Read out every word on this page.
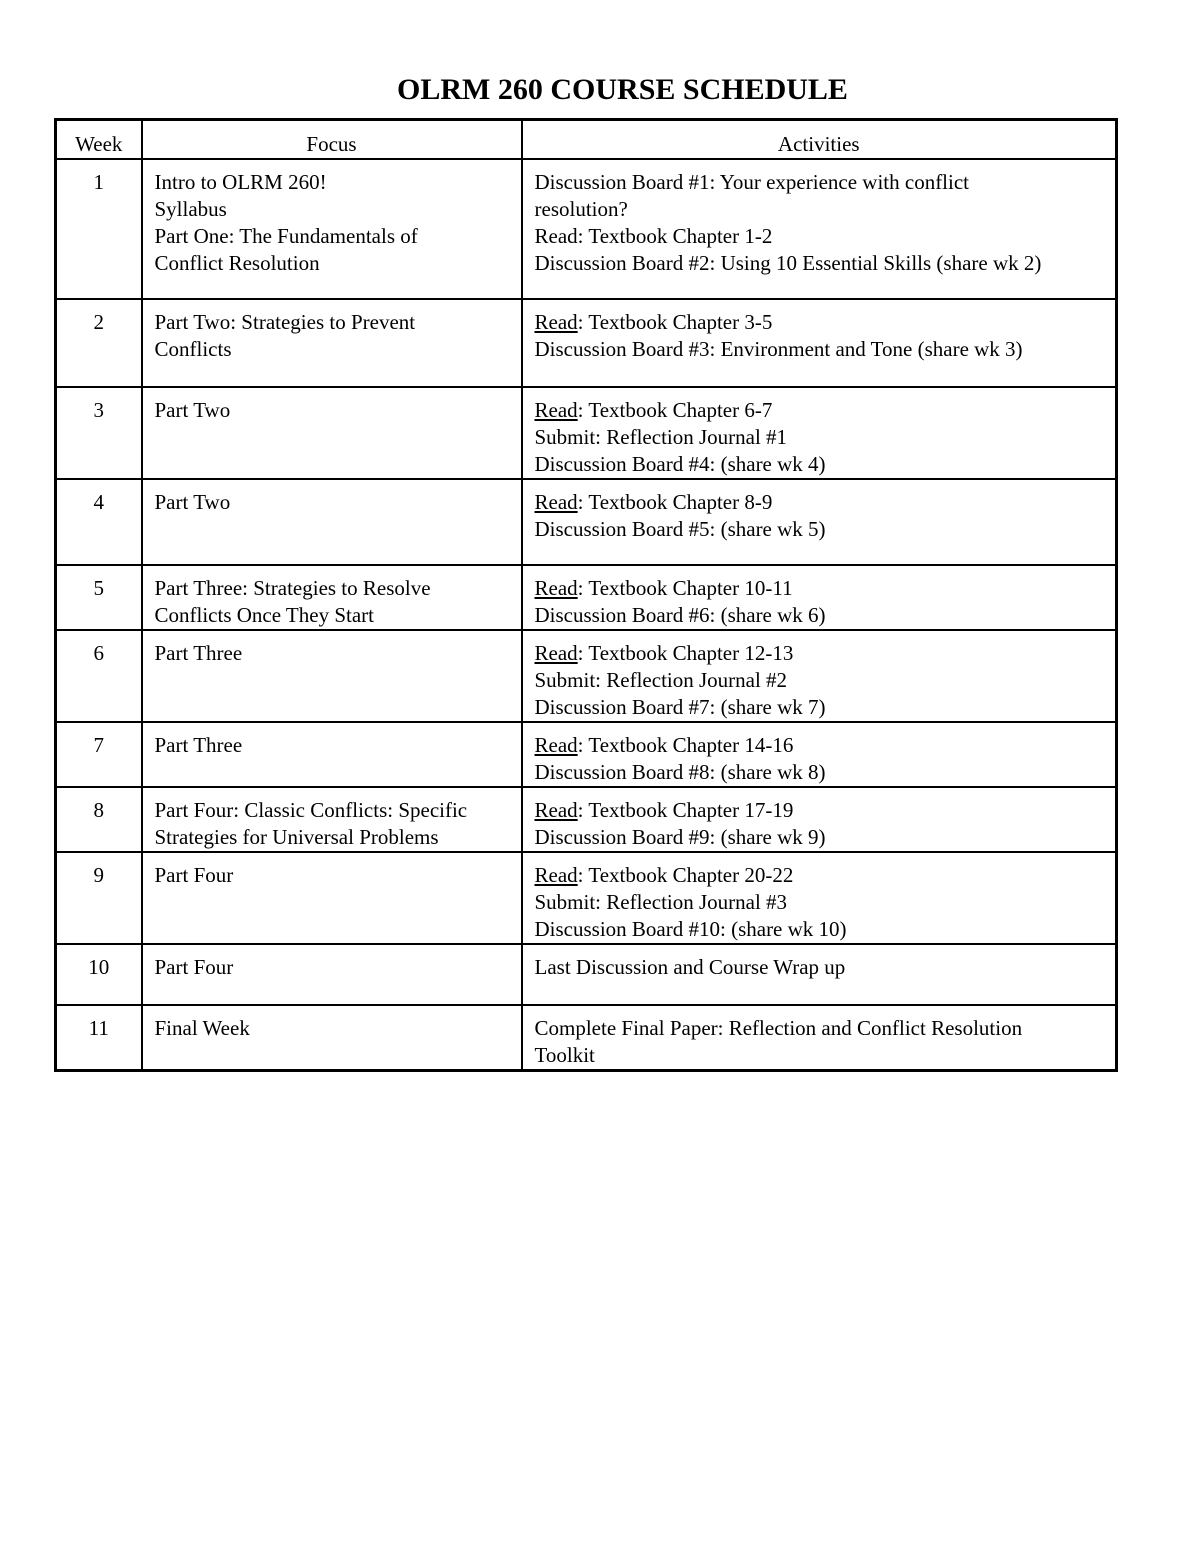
OLRM 260 COURSE SCHEDULE
Week	Focus	Activities
1	Intro to OLRM 260!
Syllabus
Part One: The Fundamentals of
Conflict Resolution	Discussion Board #1: Your experience with conflict
resolution?
Read: Textbook Chapter 1-2
Discussion Board #2: Using 10 Essential Skills (share wk 2)

2	Part Two: Strategies to Prevent
Conflicts	Read: Textbook Chapter 3-5
Discussion Board #3: Environment and Tone (share wk 3)

3	Part Two	Read: Textbook Chapter 6-7
Submit: Reflection Journal #1
Discussion Board #4: (share wk 4)

4	Part Two	Read: Textbook Chapter 8-9
Discussion Board #5: (share wk 5)

5	Part Three: Strategies to Resolve
Conflicts Once They Start	Read: Textbook Chapter 10-11
Discussion Board #6: (share wk 6)

6	Part Three	Read: Textbook Chapter 12-13
Submit: Reflection Journal #2
Discussion Board #7: (share wk 7)

7	Part Three	Read: Textbook Chapter 14-16
Discussion Board #8: (share wk 8)

8	Part Four: Classic Conflicts: Specific
Strategies for Universal Problems	Read: Textbook Chapter 17-19
Discussion Board #9: (share wk 9)

9	Part Four	Read: Textbook Chapter 20-22
Submit: Reflection Journal #3
Discussion Board #10: (share wk 10)

10	Part Four	Last Discussion and Course Wrap up

11	Final Week	Complete Final Paper: Reflection and Conflict Resolution
Toolkit
